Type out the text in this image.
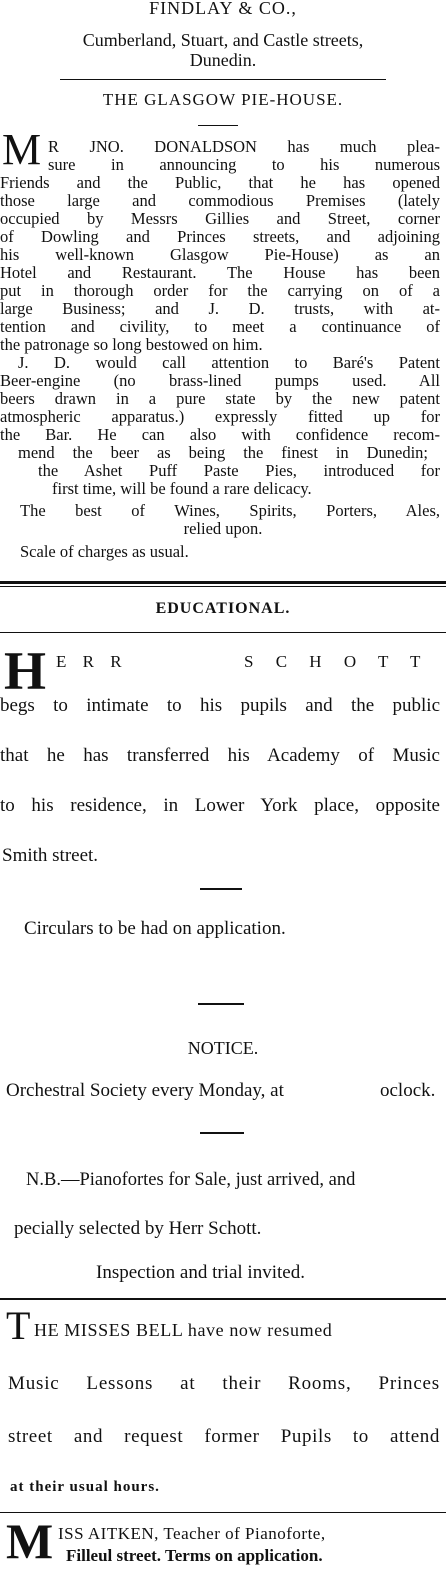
FINDLAY & CO.,
Cumberland, Stuart, and Castle streets,
Dunedin.
THE GLASGOW PIE-HOUSE.
M R JNO. DONALDSON has much plea-
sure in announcing to his numerous
Friends and the Public, that he has opened
those large and commodious Premises (lately
occupied by Messrs Gillies and Street, corner
of Dowling and Princes streets, and adjoining
his well-known Glasgow Pie-House) as an
Hotel and Restaurant. The House has been
put in thorough order for the carrying on of a
large Business; and J. D. trusts, with at-
tention and civility, to meet a continuance of
the patronage so long bestowed on him.
J. D. would call attention to Baré's Patent
Beer-engine (no brass-lined pumps used. All
beers drawn in a pure state by the new patent
atmospheric apparatus.) expressly fitted up for
the Bar. He can also with confidence recom-
mend the beer as being the finest in Dunedin;
the Ashet Puff Paste Pies, introduced for
first time, will be found a rare delicacy.
The best of Wines, Spirits, Porters, Ales,
relied upon.
Scale of charges as usual.
EDUCATIONAL.
H E R R	S C H O T T
begs to intimate to his pupils and the public
that he has transferred his Academy of Music
to his residence, in Lower York place, opposite
Smith street.
Circulars to be had on application.
NOTICE.
Orchestral Society every Monday, at	oclock.
N.B.—Pianofortes for Sale, just arrived, and
pecially selected by Herr Schott.
Inspection and trial invited.
T HE MISSES BELL have now resumed
Music Lessons at their Rooms, Princes
street and request former Pupils to attend
at their usual hours.
M ISS AITKEN, Teacher of Pianoforte,
Filleul street. Terms on application.
